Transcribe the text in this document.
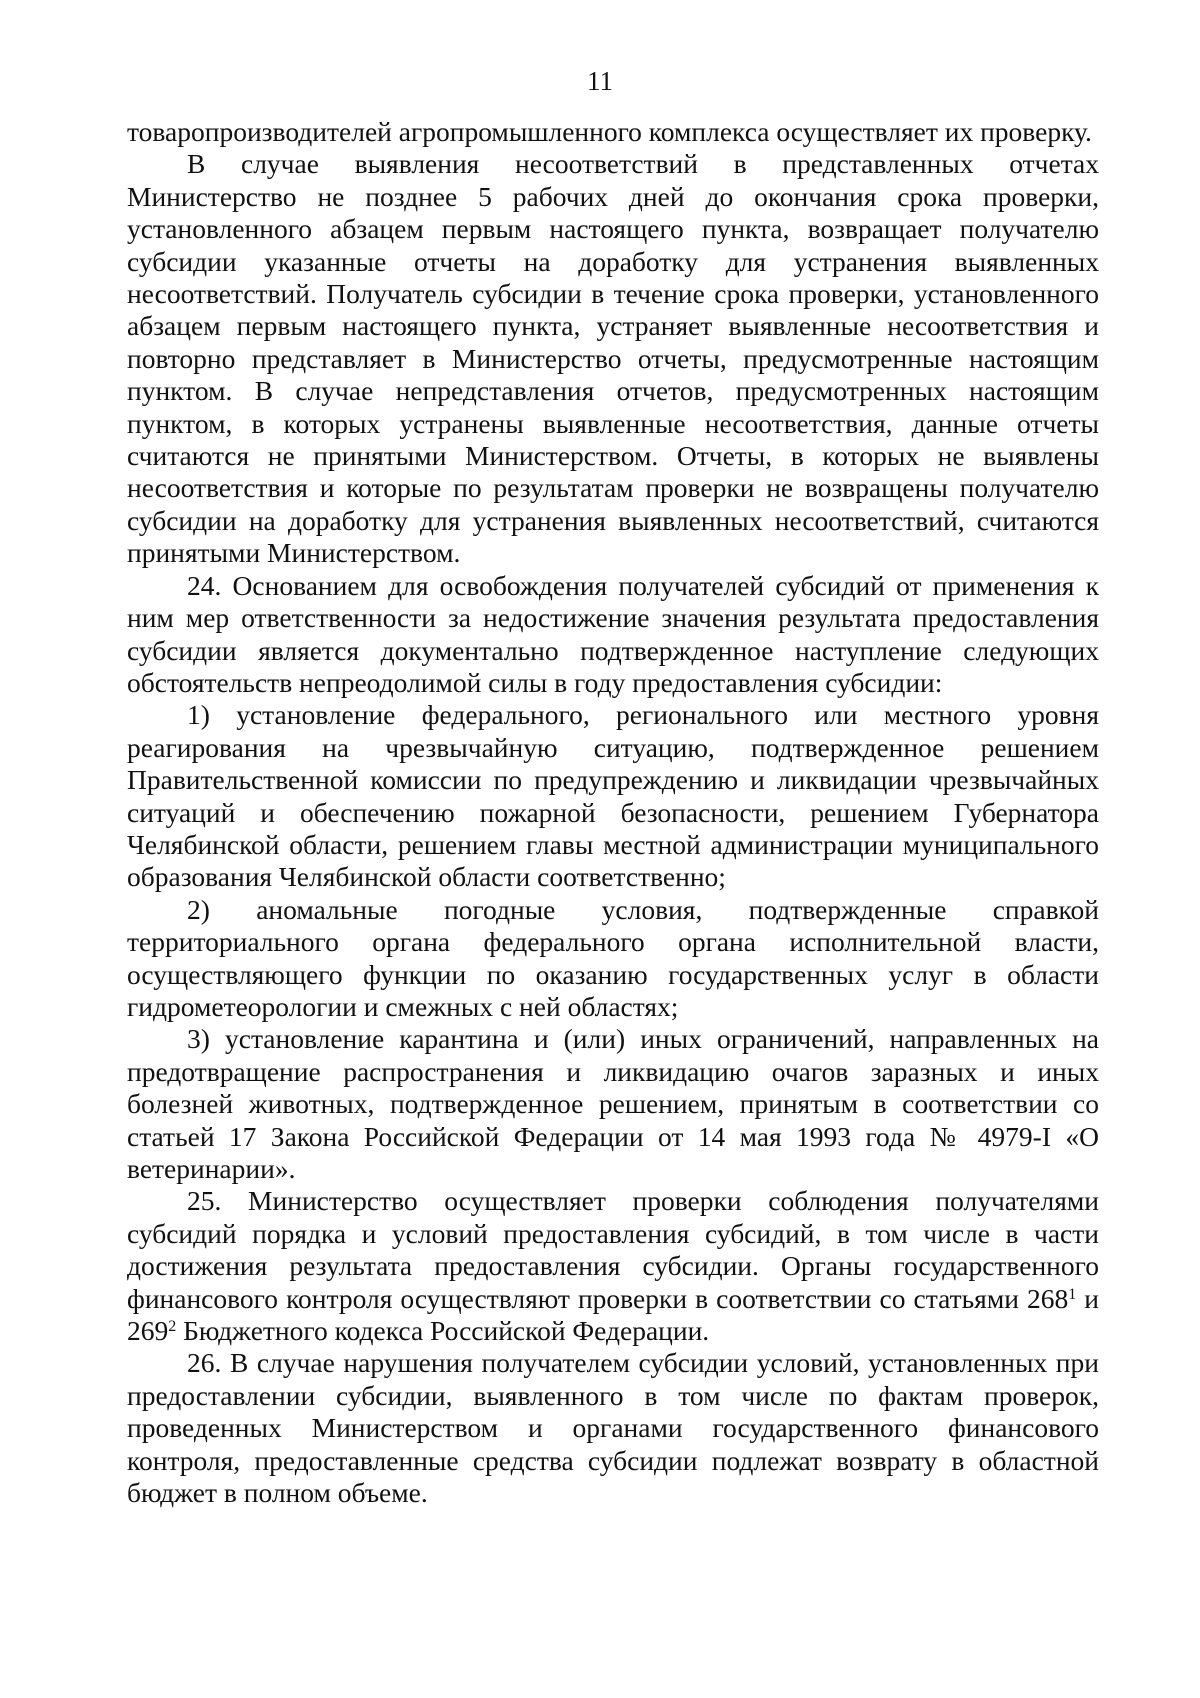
11

товаропроизводителей агропромышленного комплекса осуществляет их проверку.

В случае выявления несоответствий в представленных отчетах Министерство не позднее 5 рабочих дней до окончания срока проверки, установленного абзацем первым настоящего пункта, возвращает получателю субсидии указанные отчеты на доработку для устранения выявленных несоответствий. Получатель субсидии в течение срока проверки, установленного абзацем первым настоящего пункта, устраняет выявленные несоответствия и повторно представляет в Министерство отчеты, предусмотренные настоящим пунктом. В случае непредставления отчетов, предусмотренных настоящим пунктом, в которых устранены выявленные несоответствия, данные отчеты считаются не принятыми Министерством. Отчеты, в которых не выявлены несоответствия и которые по результатам проверки не возвращены получателю субсидии на доработку для устранения выявленных несоответствий, считаются принятыми Министерством.

24. Основанием для освобождения получателей субсидий от применения к ним мер ответственности за недостижение значения результата предоставления субсидии является документально подтвержденное наступление следующих обстоятельств непреодолимой силы в году предоставления субсидии:

1) установление федерального, регионального или местного уровня реагирования на чрезвычайную ситуацию, подтвержденное решением Правительственной комиссии по предупреждению и ликвидации чрезвычайных ситуаций и обеспечению пожарной безопасности, решением Губернатора Челябинской области, решением главы местной администрации муниципального образования Челябинской области соответственно;

2) аномальные погодные условия, подтвержденные справкой территориального органа федерального органа исполнительной власти, осуществляющего функции по оказанию государственных услуг в области гидрометеорологии и смежных с ней областях;

3) установление карантина и (или) иных ограничений, направленных на предотвращение распространения и ликвидацию очагов заразных и иных болезней животных, подтвержденное решением, принятым в соответствии со статьей 17 Закона Российской Федерации от 14 мая 1993 года № 4979-I «О ветеринарии».

25. Министерство осуществляет проверки соблюдения получателями субсидий порядка и условий предоставления субсидий, в том числе в части достижения результата предоставления субсидии. Органы государственного финансового контроля осуществляют проверки в соответствии со статьями $268^1$ и $269^2$ Бюджетного кодекса Российской Федерации.

26. В случае нарушения получателем субсидии условий, установленных при предоставлении субсидии, выявленного в том числе по фактам проверок, проведенных Министерством и органами государственного финансового контроля, предоставленные средства субсидии подлежат возврату в областной бюджет в полном объеме.
